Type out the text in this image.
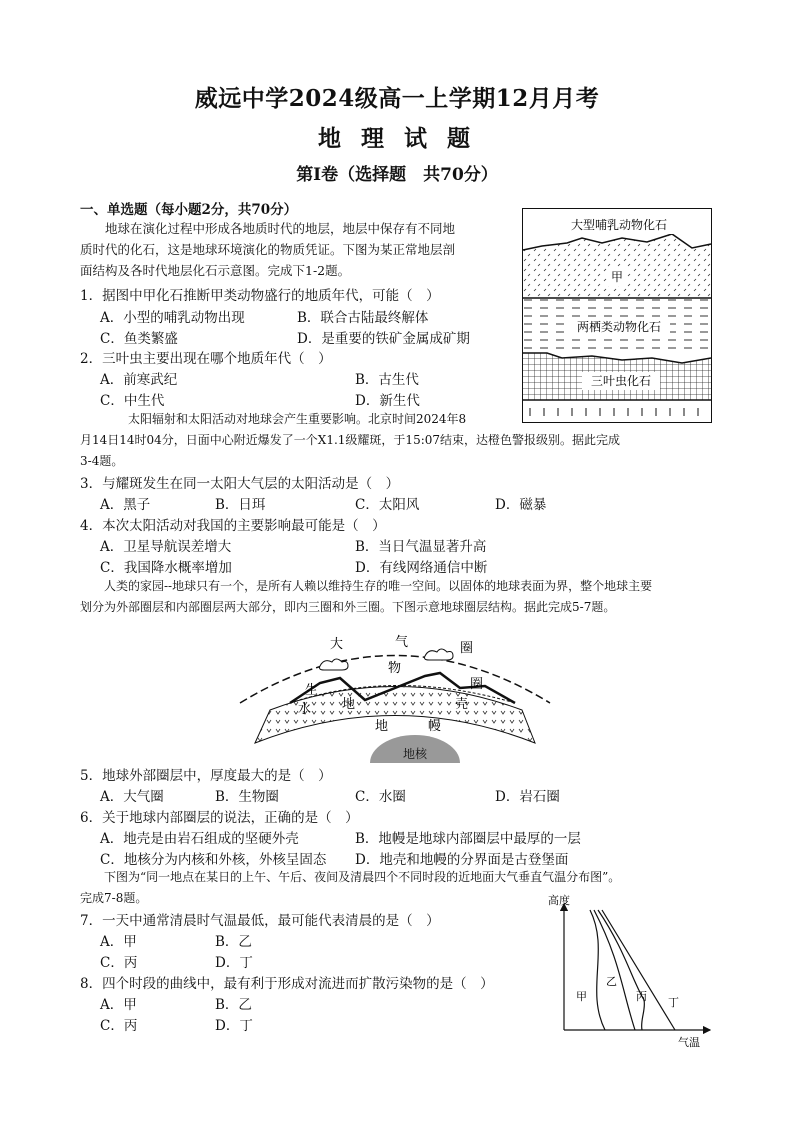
威远中学2024级高一上学期12月月考
地 理 试 题
第Ⅰ卷（选择题　共70分）
一、单选题（每小题2分，共70分）
　　地球在演化过程中形成各地质时代的地层，地层中保存有不同地
质时代的化石，这是地球环境演化的物质凭证。下图为某正常地层剖
面结构及各时代地层化石示意图。完成下1-2题。
1．据图中甲化石推断甲类动物盛行的地质年代，可能（　）
A．小型的哺乳动物出现	B．联合古陆最终解体
C．鱼类繁盛	D．是重要的铁矿金属成矿期
2．三叶虫主要出现在哪个地质年代（　）
A．前寒武纪	B．古生代
C．中生代	D．新生代
　　　　太阳辐射和太阳活动对地球会产生重要影响。北京时间2024年8
月14日14时04分，日面中心附近爆发了一个X1.1级耀斑，于15:07结束，达橙色警报级别。据此完成
3-4题。
3．与耀斑发生在同一太阳大气层的太阳活动是（　）
A．黑子	B．日珥	C．太阳风	D．磁暴
4．本次太阳活动对我国的主要影响最可能是（　）
A．卫星导航误差增大	B．当日气温显著升高
C．我国降水概率增加	D．有线网络通信中断
　　人类的家园--地球只有一个，是所有人赖以维持生存的唯一空间。以固体的地球表面为界，整个地球主要
划分为外部圈层和内部圈层两大部分，即内三圈和外三圈。下图示意地球圈层结构。据此完成5-7题。
大型哺乳动物化石
甲
两栖类动物化石
三叶虫化石
大	气	圈
生
物
圈
水 地	壳
地	幔
地核
5．地球外部圈层中，厚度最大的是（　）
A．大气圈	B．生物圈	C．水圈	D．岩石圈
6．关于地球内部圈层的说法，正确的是（　）
A．地壳是由岩石组成的坚硬外壳	B．地幔是地球内部圈层中最厚的一层
C．地核分为内核和外核，外核呈固态 D．地壳和地幔的分界面是古登堡面
　　下图为“同一地点在某日的上午、午后、夜间及清晨四个不同时段的近地面大气垂直气温分布图”。
完成7-8题。
7．一天中通常清晨时气温最低，最可能代表清晨的是（　）
A．甲	B．乙
C．丙	D．丁
8．四个时段的曲线中，最有利于形成对流进而扩散污染物的是（　）
A．甲	B．乙
C．丙	D．丁
高度
气温
甲
乙
丙 丁
